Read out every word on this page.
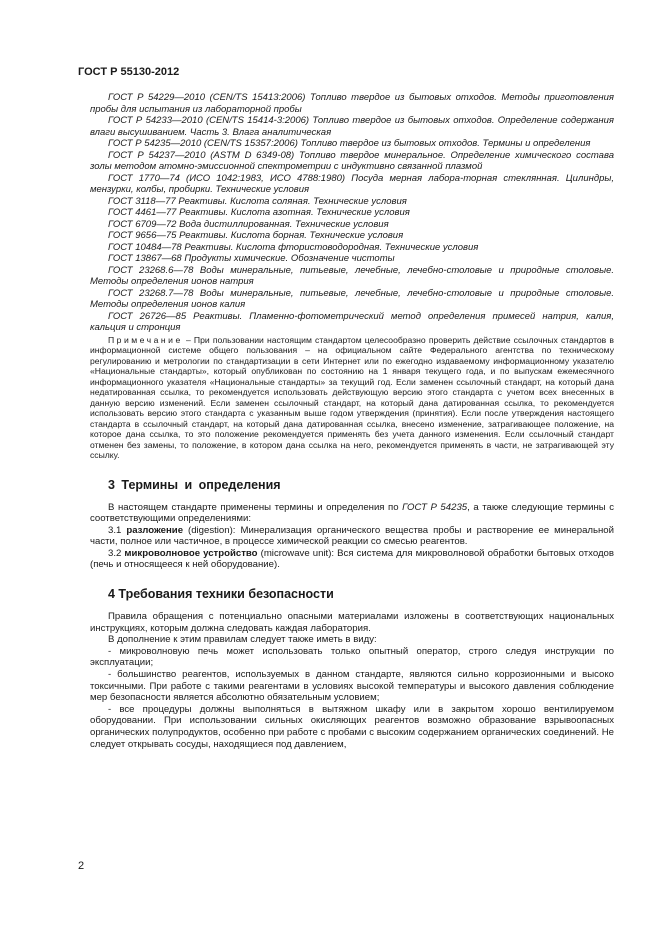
ГОСТ Р 55130-2012

ГОСТ Р 54229—2010 (CEN/TS 15413:2006) Топливо твердое из бытовых отходов. Методы приготовления пробы для испытания из лабораторной пробы

ГОСТ Р 54233—2010 (CEN/TS 15414-3:2006) Топливо твердое из бытовых отходов. Определение содержания влаги высушиванием. Часть 3. Влага аналитическая

ГОСТ Р 54235—2010 (CEN/TS 15357:2006) Топливо твердое из бытовых отходов. Термины и определения

ГОСТ Р 54237—2010 (ASTM D 6349-08) Топливо твердое минеральное. Определение химического состава золы методом атомно-эмиссионной спектрометрии с индуктивно связанной плазмой

ГОСТ 1770—74 (ИСО 1042:1983, ИСО 4788:1980) Посуда мерная лабора-торная стеклянная. Цилиндры, мензурки, колбы, пробирки. Технические условия

ГОСТ 3118—77 Реактивы. Кислота соляная. Технические условия

ГОСТ 4461—77 Реактивы. Кислота азотная. Технические условия

ГОСТ 6709—72 Вода дистиллированная. Технические условия

ГОСТ 9656—75 Реактивы. Кислота борная. Технические условия

ГОСТ 10484—78 Реактивы. Кислота фтористоводородная. Технические условия

ГОСТ 13867—68 Продукты химические. Обозначение чистоты

ГОСТ 23268.6—78 Воды минеральные, питьевые, лечебные, лечебно-столовые и природные столовые. Методы определения ионов натрия

ГОСТ 23268.7—78 Воды минеральные, питьевые, лечебные, лечебно-столовые и природные столовые. Методы определения ионов калия

ГОСТ 26726—85 Реактивы. Пламенно-фотометрический метод определения примесей натрия, калия, кальция и стронция

Примечание – При пользовании настоящим стандартом целесообразно проверить действие ссылочных стандартов в информационной системе общего пользования – на официальном сайте Федерального агентства по техническому регулированию и метрологии по стандартизации в сети Интернет или по ежегодно издаваемому информационному указателю «Национальные стандарты», который опубликован по состоянию на 1 января текущего года, и по выпускам ежемесячного информационного указателя «Национальные стандарты» за текущий год. Если заменен ссылочный стандарт, на который дана недатированная ссылка, то рекомендуется использовать действующую версию этого стандарта с учетом всех внесенных в данную версию изменений. Если заменен ссылочный стандарт, на который дана датированная ссылка, то рекомендуется использовать версию этого стандарта с указанным выше годом утверждения (принятия). Если после утверждения настоящего стандарта в ссылочный стандарт, на который дана датированная ссылка, внесено изменение, затрагивающее положение, на которое дана ссылка, то это положение рекомендуется применять без учета данного изменения. Если ссылочный стандарт отменен без замены, то положение, в котором дана ссылка на него, рекомендуется применять в части, не затрагивающей эту ссылку.

3 Термины и определения

В настоящем стандарте применены термины и определения по ГОСТ Р 54235, а также следующие термины с соответствующими определениями:

3.1 разложение (digestion): Минерализация органического вещества пробы и растворение ее минеральной части, полное или частичное, в процессе химической реакции со смесью реагентов.

3.2 микроволновое устройство (microwave unit): Вся система для микроволновой обработки бытовых отходов (печь и относящееся к ней оборудование).

4 Требования техники безопасности

Правила обращения с потенциально опасными материалами изложены в соответствующих национальных инструкциях, которым должна следовать каждая лаборатория.

В дополнение к этим правилам следует также иметь в виду:

- микроволновую печь может использовать только опытный оператор, строго следуя инструкции по эксплуатации;

- большинство реагентов, используемых в данном стандарте, являются сильно коррозионными и высоко токсичными. При работе с такими реагентами в условиях высокой температуры и высокого давления соблюдение мер безопасности является абсолютно обязательным условием;

- все процедуры должны выполняться в вытяжном шкафу или в закрытом хорошо вентилируемом оборудовании. При использовании сильных окисляющих реагентов возможно образование взрывоопасных органических полупродуктов, особенно при работе с пробами с высоким содержанием органических соединений. Не следует открывать сосуды, находящиеся под давлением,

2
